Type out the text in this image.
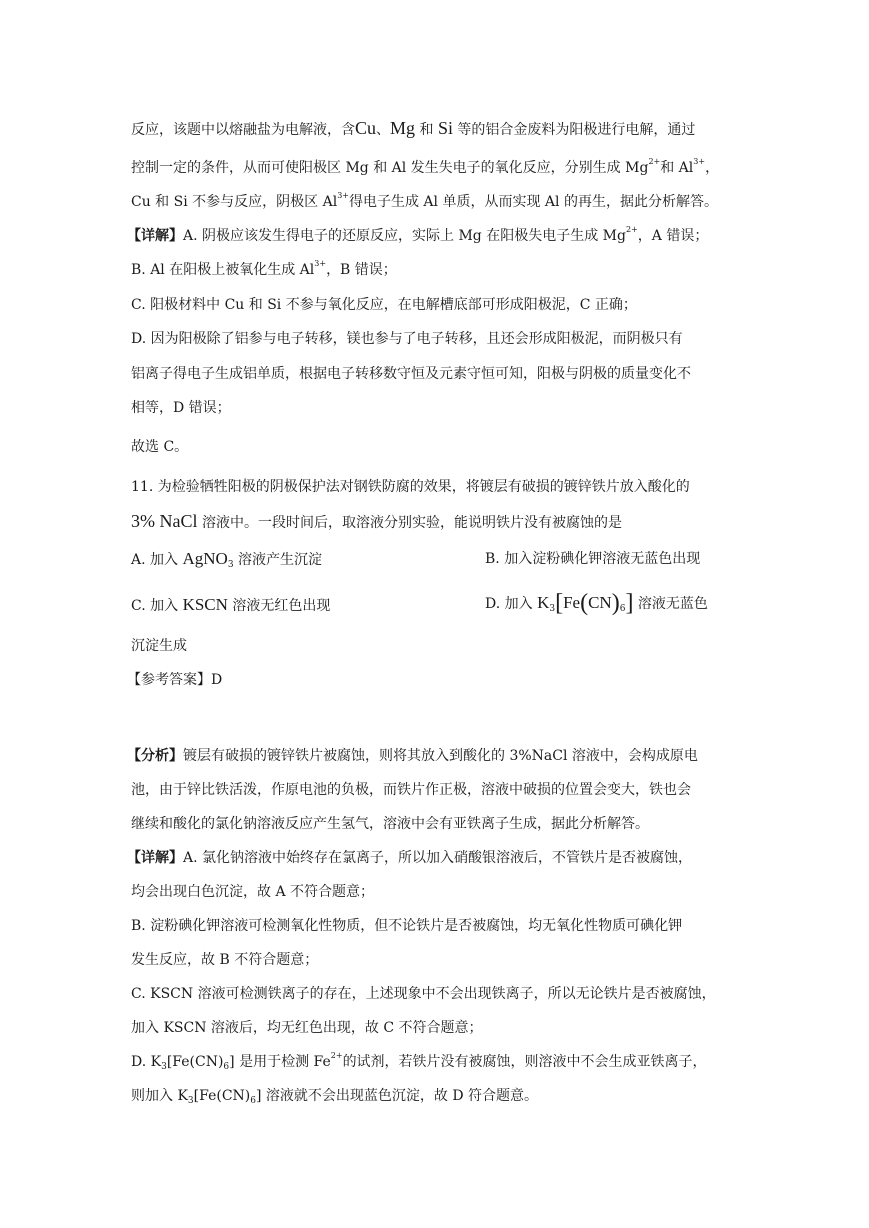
反应，该题中以熔融盐为电解液，含Cu、Mg 和 Si 等的铝合金废料为阳极进行电解，通过
控制一定的条件，从而可使阳极区 Mg 和 Al 发生失电子的氧化反应，分别生成 $Mg^{2+}$和 $Al^{3+}$，
Cu 和 Si 不参与反应，阴极区 $Al^{3+}$得电子生成 Al 单质，从而实现 Al 的再生，据此分析解答。
【详解】A. 阴极应该发生得电子的还原反应，实际上 Mg 在阳极失电子生成 $Mg^{2+}$，A 错误；
B. Al 在阳极上被氧化生成 $Al^{3+}$，B 错误；
C. 阳极材料中 Cu 和 Si 不参与氧化反应，在电解槽底部可形成阳极泥，C 正确；
D. 因为阳极除了铝参与电子转移，镁也参与了电子转移，且还会形成阳极泥，而阴极只有
铝离子得电子生成铝单质，根据电子转移数守恒及元素守恒可知，阳极与阴极的质量变化不
相等，D 错误；
故选 C。
11. 为检验牺牲阳极的阴极保护法对钢铁防腐的效果，将镀层有破损的镀锌铁片放入酸化的
3% NaCl 溶液中。一段时间后，取溶液分别实验，能说明铁片没有被腐蚀的是
A. 加入 AgNO$_3$ 溶液产生沉淀	B. 加入淀粉碘化钾溶液无蓝色出现
C. 加入 KSCN 溶液无红色出现	D. 加入 $K_3[Fe(CN)_6]$ 溶液无蓝色
沉淀生成
【参考答案】D
【分析】镀层有破损的镀锌铁片被腐蚀，则将其放入到酸化的 3%NaCl 溶液中，会构成原电
池，由于锌比铁活泼，作原电池的负极，而铁片作正极，溶液中破损的位置会变大，铁也会
继续和酸化的氯化钠溶液反应产生氢气，溶液中会有亚铁离子生成，据此分析解答。
【详解】A. 氯化钠溶液中始终存在氯离子，所以加入硝酸银溶液后，不管铁片是否被腐蚀，
均会出现白色沉淀，故 A 不符合题意；
B. 淀粉碘化钾溶液可检测氧化性物质，但不论铁片是否被腐蚀，均无氧化性物质可碘化钾
发生反应，故 B 不符合题意；
C. KSCN 溶液可检测铁离子的存在，上述现象中不会出现铁离子，所以无论铁片是否被腐蚀，
加入 KSCN 溶液后，均无红色出现，故 C 不符合题意；
D. $K_3[Fe(CN)_6]$ 是用于检测 $Fe^{2+}$的试剂，若铁片没有被腐蚀，则溶液中不会生成亚铁离子，
则加入 $K_3[Fe(CN)_6]$ 溶液就不会出现蓝色沉淀，故 D 符合题意。
